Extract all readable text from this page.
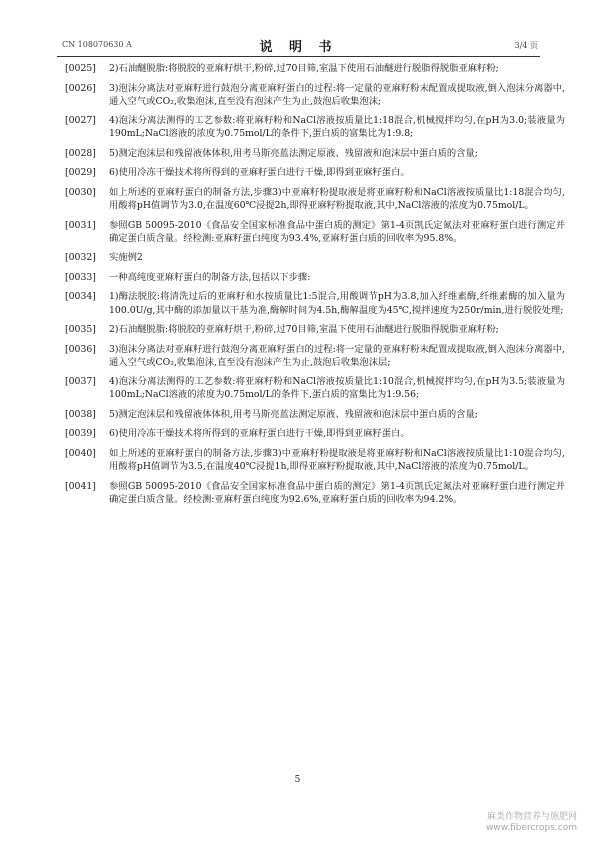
CN 108070630 A	说 明 书	3/4 页
[0025]	2)石油醚脱脂:将脱胶的亚麻籽烘干,粉碎,过70目筛,室温下使用石油醚进行脱脂得脱脂亚麻籽粉;
[0026]	3)泡沫分离法对亚麻籽进行鼓泡分离亚麻籽蛋白的过程:将一定量的亚麻籽粉末配置成提取液,倒入泡沫分离器中,通入空气或CO₂,收集泡沫,直至没有泡沫产生为止,鼓泡后收集泡沫;
[0027]	4)泡沫分离法测得的工艺参数:将亚麻籽粉和NaCl溶液按质量比1:18混合,机械搅拌均匀,在pH为3.0;装液量为190mL;NaCl溶液的浓度为0.75mol/L的条件下,蛋白质的富集比为1:9.8;
[0028]	5)测定泡沫层和残留液体体积,用考马斯亮蓝法测定原液、残留液和泡沫层中蛋白质的含量;
[0029]	6)使用冷冻干燥技术将所得到的亚麻籽蛋白进行干燥,即得到亚麻籽蛋白。
[0030]	如上所述的亚麻籽蛋白的制备方法,步骤3)中亚麻籽粉提取液是将亚麻籽粉和NaCl溶液按质量比1:18混合均匀,用酸将pH值调节为3.0,在温度60℃浸提2h,即得亚麻籽粉提取液,其中,NaCl溶液的浓度为0.75mol/L。
[0031]	参照GB 50095-2010《食品安全国家标准食品中蛋白质的测定》第1-4页凯氏定氮法对亚麻籽蛋白进行测定并确定蛋白质含量。经检测:亚麻籽蛋白纯度为93.4%,亚麻籽蛋白质的回收率为95.8%。
[0032]	实施例2
[0033]	一种高纯度亚麻籽蛋白的制备方法,包括以下步骤:
[0034]	1)酶法脱胶:将清洗过后的亚麻籽和水按质量比1:5混合,用酸调节pH为3.8,加入纤维素酶,纤维素酶的加入量为100.0U/g,其中酶的添加量以干基为准,酶解时间为4.5h,酶解温度为45℃,搅拌速度为250r/min,进行脱胶处理;
[0035]	2)石油醚脱脂:将脱胶的亚麻籽烘干,粉碎,过70目筛,室温下使用石油醚进行脱脂得脱脂亚麻籽粉;
[0036]	3)泡沫分离法对亚麻籽进行鼓泡分离亚麻籽蛋白的过程:将一定量的亚麻籽粉末配置成提取液,倒入泡沫分离器中,通入空气或CO₂,收集泡沫,直至没有泡沫产生为止,鼓泡后收集泡沫层;
[0037]	4)泡沫分离法测得的工艺参数:将亚麻籽粉和NaCl溶液按质量比1:10混合,机械搅拌均匀,在pH为3.5;装液量为100mL;NaCl溶液的浓度为0.75mol/L的条件下,蛋白质的富集比为1:9.56;
[0038]	5)测定泡沫层和残留液体体积,用考马斯亮蓝法测定原液、残留液和泡沫层中蛋白质的含量;
[0039]	6)使用冷冻干燥技术将所得到的亚麻籽蛋白进行干燥,即得到亚麻籽蛋白。
[0040]	如上所述的亚麻籽蛋白的制备方法,步骤3)中亚麻籽粉提取液是将亚麻籽粉和NaCl溶液按质量比1:10混合均匀,用酸将pH值调节为3.5,在温度40℃浸提1h,即得亚麻籽粉提取液,其中,NaCl溶液的浓度为0.75mol/L。
[0041]	参照GB 50095-2010《食品安全国家标准食品中蛋白质的测定》第1-4页凯氏定氮法对亚麻籽蛋白进行测定并确定蛋白质含量。经检测:亚麻籽蛋白纯度为92.6%,亚麻籽蛋白质的回收率为94.2%。
5
麻类作物营养与施肥网
www.fibercrops.com
